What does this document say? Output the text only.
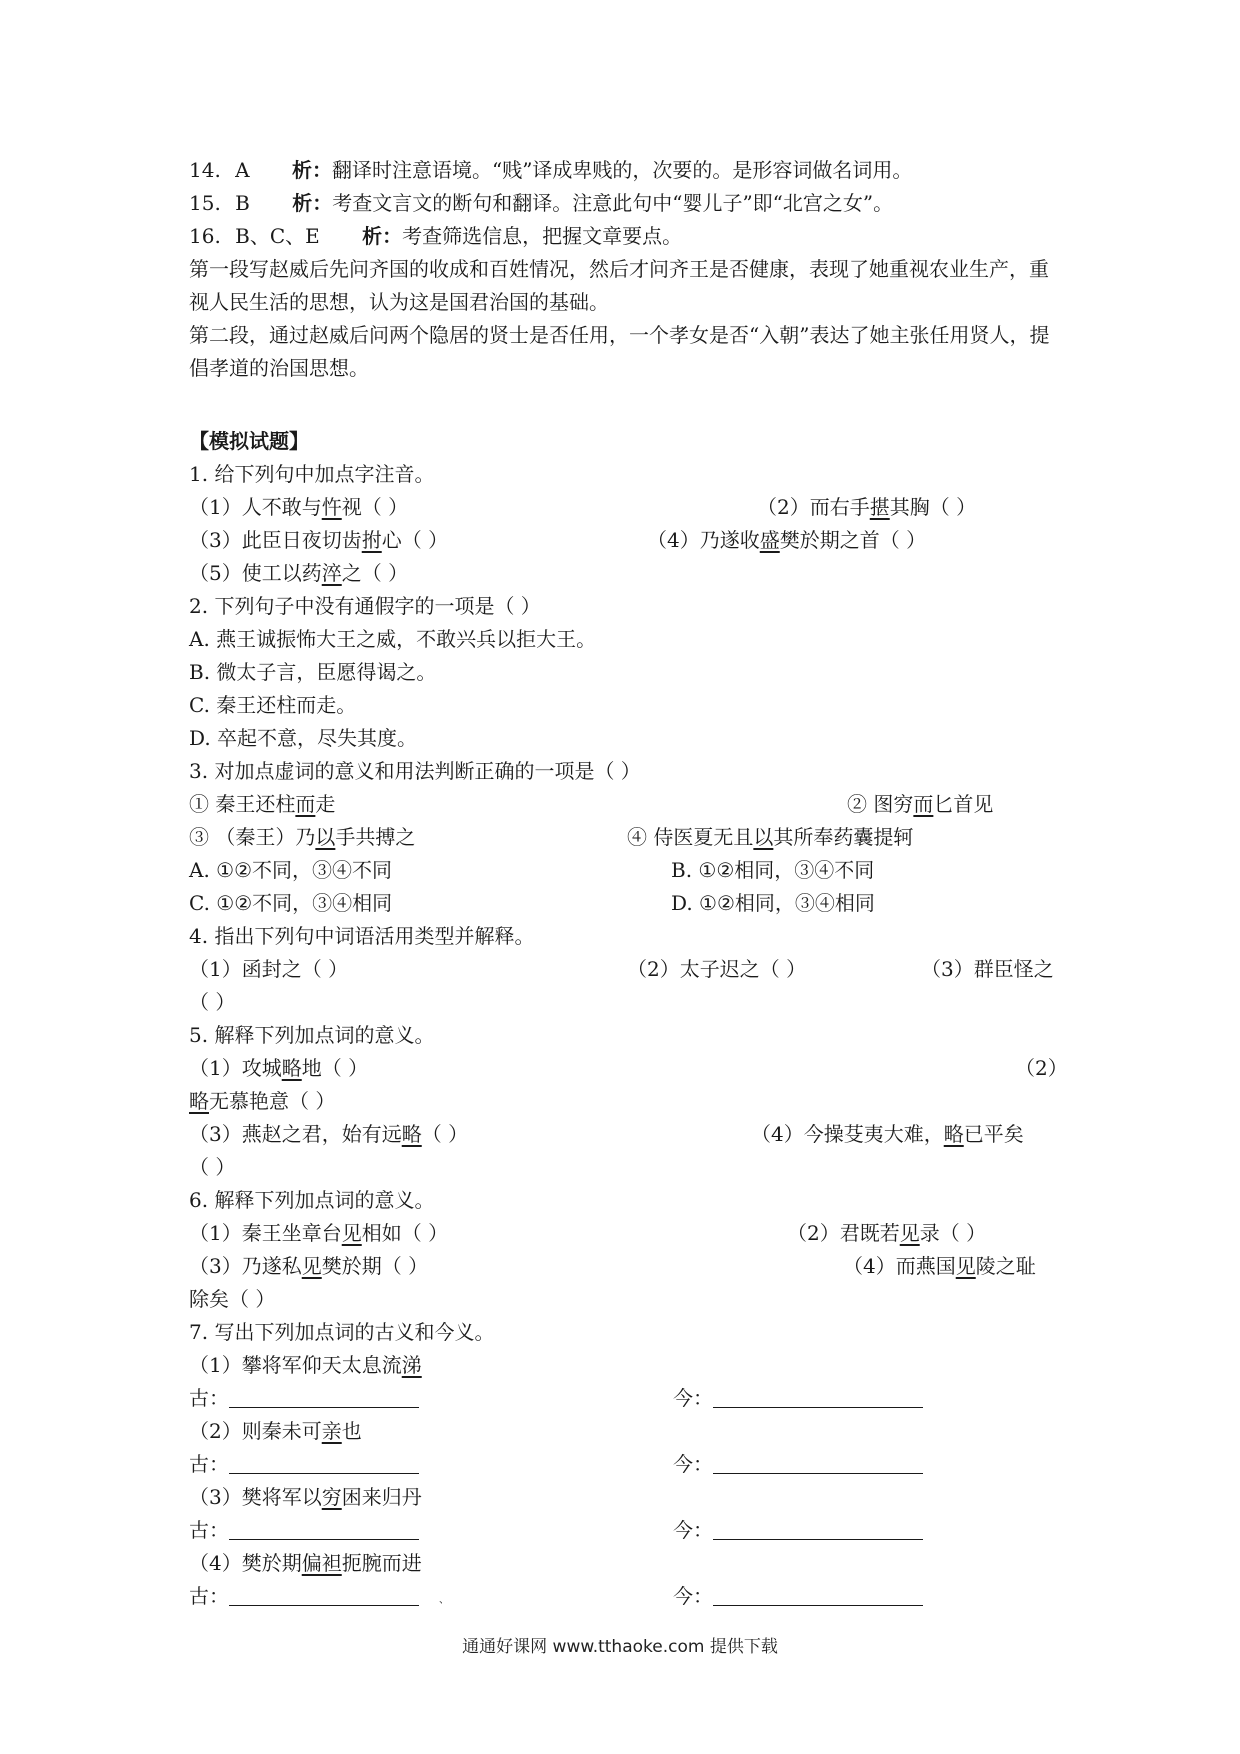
14. A 析：翻译时注意语境。“贱”译成卑贱的，次要的。是形容词做名词用。
15. B 析：考查文言文的断句和翻译。注意此句中“婴儿子”即“北宫之女”。
16. B、C、E 析：考查筛选信息，把握文章要点。
第一段写赵威后先问齐国的收成和百姓情况，然后才问齐王是否健康，表现了她重视农业生产，重视人民生活的思想，认为这是国君治国的基础。
第二段，通过赵威后问两个隐居的贤士是否任用，一个孝女是否“入朝”表达了她主张任用贤人，提倡孝道的治国思想。
【模拟试题】
1. 给下列句中加点字注音。
（1）人不敢与忤视（ ）	（2）而右手揕其胸（ ）
（3）此臣日夜切齿拊心（ ）	（4）乃遂收盛樊於期之首（ ）
（5）使工以药淬之（ ）
2. 下列句子中没有通假字的一项是（ ）
A. 燕王诚振怖大王之威，不敢兴兵以拒大王。
B. 微太子言，臣愿得谒之。
C. 秦王还柱而走。
D. 卒起不意，尽失其度。
3. 对加点虚词的意义和用法判断正确的一项是（ ）
① 秦王还柱而走	② 图穷而匕首见
③ （秦王）乃以手共搏之	④ 侍医夏无且以其所奉药囊提轲
A. ①②不同，③④不同	B. ①②相同，③④不同
C. ①②不同，③④相同	D. ①②相同，③④相同
4. 指出下列句中词语活用类型并解释。
（1）函封之（ ）	（2）太子迟之（ ）	（3）群臣怪之
（ ）
5. 解释下列加点词的意义。
（1）攻城略地（ ）	（2）
略无慕艳意（ ）
（3）燕赵之君，始有远略（ ）	（4）今操芟夷大难，略已平矣
（ ）
6. 解释下列加点词的意义。
（1）秦王坐章台见相如（ ）	（2）君既若见录（ ）
（3）乃遂私见樊於期（ ）	（4）而燕国见陵之耻
除矣（ ）
7. 写出下列加点词的古义和今义。
（1）攀将军仰天太息流涕
古：	今：
（2）则秦未可亲也
古：	今：
（3）樊将军以穷困来归丹
古：	今：
（4）樊於期偏袒扼腕而进
古：	、	今：
通通好课网 www.tthaoke.com 提供下载
